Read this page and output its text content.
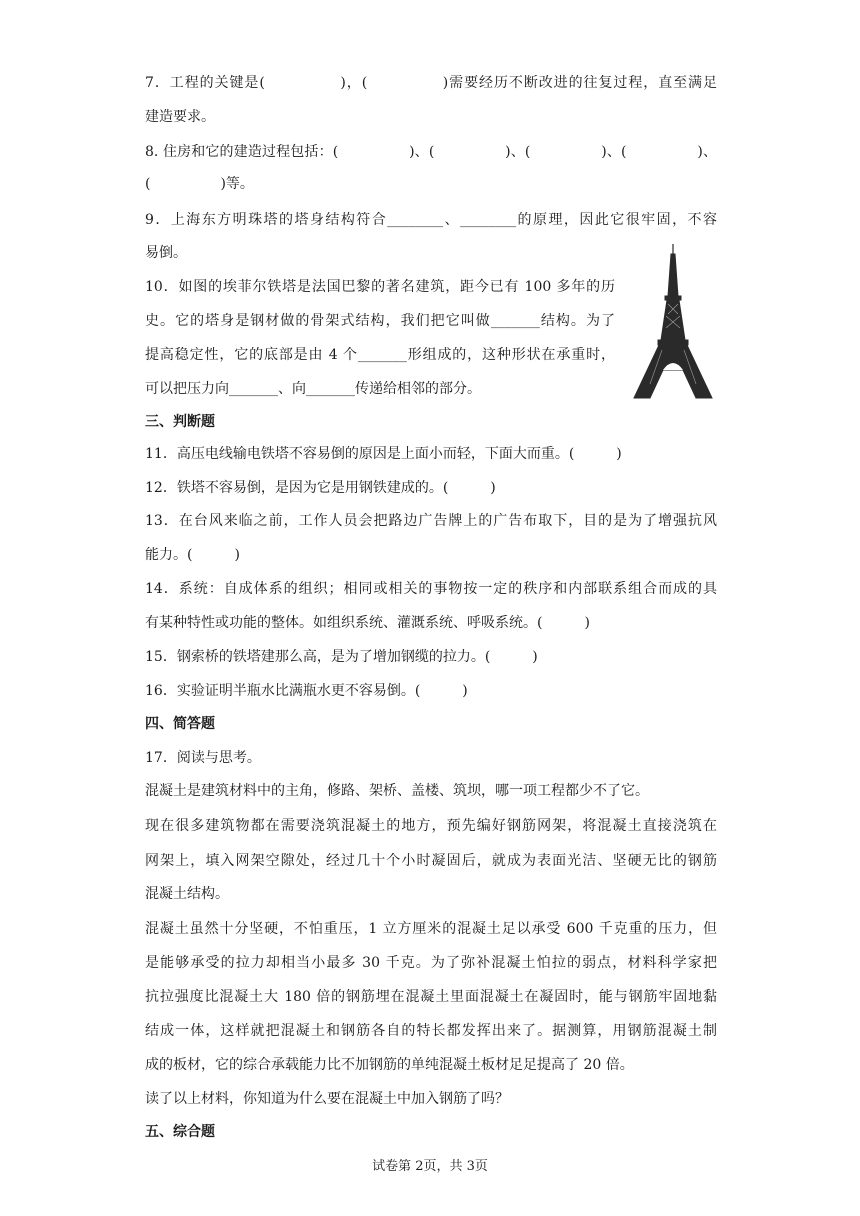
7．工程的关键是(　　　　　)，(　　　　　)需要经历不断改进的往复过程，直至满足
建造要求。
8. 住房和它的建造过程包括：(　　　　　)、(　　　　　)、(　　　　　)、(　　　　　)、
(　　　　　)等。
9．上海东方明珠塔的塔身结构符合________、________的原理，因此它很牢固，不容
易倒。
10．如图的埃菲尔铁塔是法国巴黎的著名建筑，距今已有 100 多年的历
史。它的塔身是钢材做的骨架式结构，我们把它叫做_______结构。为了
提高稳定性，它的底部是由 4 个_______形组成的，这种形状在承重时，
可以把压力向_______、向_______传递给相邻的部分。
三、判断题
11．高压电线输电铁塔不容易倒的原因是上面小而轻，下面大而重。(　　　)
12．铁塔不容易倒，是因为它是用钢铁建成的。(　　　)
13．在台风来临之前，工作人员会把路边广告牌上的广告布取下，目的是为了增强抗风
能力。(　　　)
14．系统：自成体系的组织；相同或相关的事物按一定的秩序和内部联系组合而成的具
有某种特性或功能的整体。如组织系统、灌溉系统、呼吸系统。(　　　)
15．钢索桥的铁塔建那么高，是为了增加钢缆的拉力。(　　　)
16．实验证明半瓶水比满瓶水更不容易倒。(　　　)
四、简答题
17．阅读与思考。
混凝土是建筑材料中的主角，修路、架桥、盖楼、筑坝，哪一项工程都少不了它。
现在很多建筑物都在需要浇筑混凝土的地方，预先编好钢筋网架，将混凝土直接浇筑在
网架上，填入网架空隙处，经过几十个小时凝固后，就成为表面光洁、坚硬无比的钢筋
混凝土结构。
混凝土虽然十分坚硬，不怕重压，1 立方厘米的混凝土足以承受 600 千克重的压力，但
是能够承受的拉力却相当小最多 30 千克。为了弥补混凝土怕拉的弱点，材料科学家把
抗拉强度比混凝土大 180 倍的钢筋埋在混凝土里面混凝土在凝固时，能与钢筋牢固地黏
结成一体，这样就把混凝土和钢筋各自的特长都发挥出来了。据测算，用钢筋混凝土制
成的板材，它的综合承载能力比不加钢筋的单纯混凝土板材足足提高了 20 倍。
读了以上材料，你知道为什么要在混凝土中加入钢筋了吗？
五、综合题
试卷第 2页，共 3页
